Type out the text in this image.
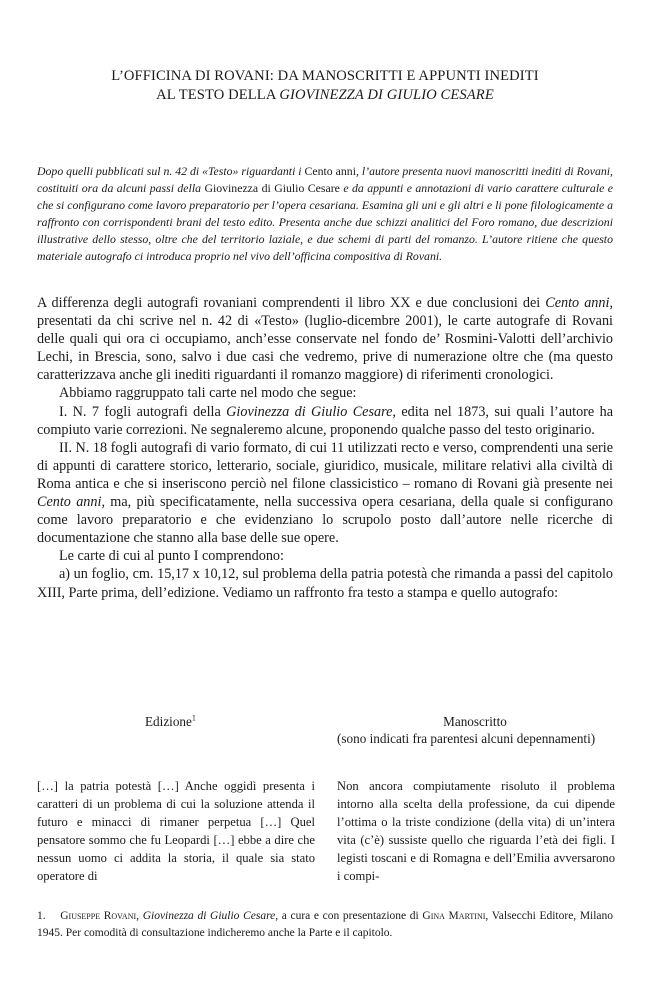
L’OFFICINA DI ROVANI: DA MANOSCRITTI E APPUNTI INEDITI
AL TESTO DELLA GIOVINEZZA DI GIULIO CESARE
Dopo quelli pubblicati sul n. 42 di «Testo» riguardanti i Cento anni, l’autore presenta nuovi manoscritti inediti di Rovani, costituiti ora da alcuni passi della Giovinezza di Giulio Cesare e da appunti e annotazioni di vario carattere culturale e che si configurano come lavoro preparatorio per l’opera cesariana. Esamina gli uni e gli altri e li pone filologicamente a raffronto con corrispondenti brani del testo edito. Presenta anche due schizzi analitici del Foro romano, due descrizioni illustrative dello stesso, oltre che del territorio laziale, e due schemi di parti del romanzo. L’autore ritiene che questo materiale autografo ci introduca proprio nel vivo dell’officina compositiva di Rovani.

A differenza degli autografi rovaniani comprendenti il libro XX e due conclusioni dei Cento anni, presentati da chi scrive nel n. 42 di «Testo» (luglio-dicembre 2001), le carte autografe di Rovani delle quali qui ora ci occupiamo, anch’esse conservate nel fondo de’ Rosmini-Valotti dell’archivio Lechi, in Brescia, sono, salvo i due casi che vedremo, prive di numerazione oltre che (ma questo caratterizzava anche gli inediti riguardanti il romanzo maggiore) di riferimenti cronologici.

Abbiamo raggruppato tali carte nel modo che segue:

I. N. 7 fogli autografi della Giovinezza di Giulio Cesare, edita nel 1873, sui quali l’autore ha compiuto varie correzioni. Ne segnaleremo alcune, proponendo qualche passo del testo originario.

II. N. 18 fogli autografi di vario formato, di cui 11 utilizzati recto e verso, comprendenti una serie di appunti di carattere storico, letterario, sociale, giuridico, musicale, militare relativi alla civiltà di Roma antica e che si inseriscono perciò nel filone classicistico – romano di Rovani già presente nei Cento anni, ma, più specificatamente, nella successiva opera cesariana, della quale si configurano come lavoro preparatorio e che evidenziano lo scrupolo posto dall’autore nelle ricerche di documentazione che stanno alla base delle sue opere.

Le carte di cui al punto I comprendono:

a) un foglio, cm. 15,17 x 10,12, sul problema della patria potestà che rimanda a passi del capitolo XIII, Parte prima, dell’edizione. Vediamo un raffronto fra testo a stampa e quello autografo:

Edizione$^1$	Manoscritto
(sono indicati fra parentesi alcuni depennamenti)
[…] la patria potestà […] Anche oggidì presenta i caratteri di un problema di cui la soluzione attenda il futuro e minacci di rimaner perpetua […] Quel pensatore sommo che fu Leopardi […] ebbe a dire che nessun uomo ci addita la storia, il quale sia stato operatore di
Non ancora compiutamente risoluto il problema intorno alla scelta della professione, da cui dipende l’ottima o la triste condizione (della vita) di un’intera vita (c’è) sussiste quello che riguarda l’età dei figli. I legisti toscani e di Romagna e dell’Emilia avversarono i compi-
1. Giuseppe Rovani, Giovinezza di Giulio Cesare, a cura e con presentazione di Gina Martini, Valsecchi Editore, Milano 1945. Per comodità di consultazione indicheremo anche la Parte e il capitolo.
